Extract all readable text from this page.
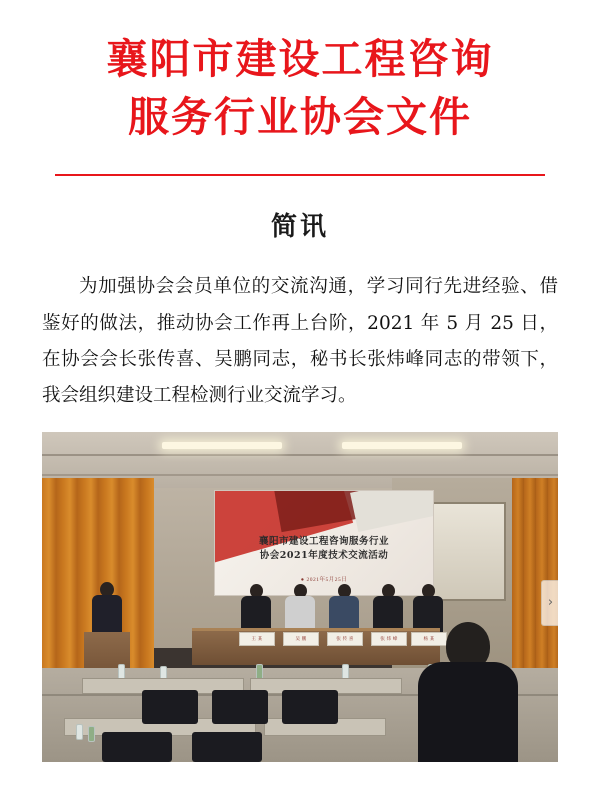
襄阳市建设工程咨询
服务行业协会文件
简讯
为加强协会会员单位的交流沟通，学习同行先进经验、借鉴好的做法，推动协会工作再上台阶，2021 年 5 月 25 日，在协会会长张传喜、吴鹏同志，秘书长张炜峰同志的带领下，我会组织建设工程检测行业交流学习。
襄阳市建设工程咨询服务行业
协会2021年度技术交流活动
● 2021年5月25日
王 某	吴 鹏	张 传 喜	张 炜 峰	杨 某
›
